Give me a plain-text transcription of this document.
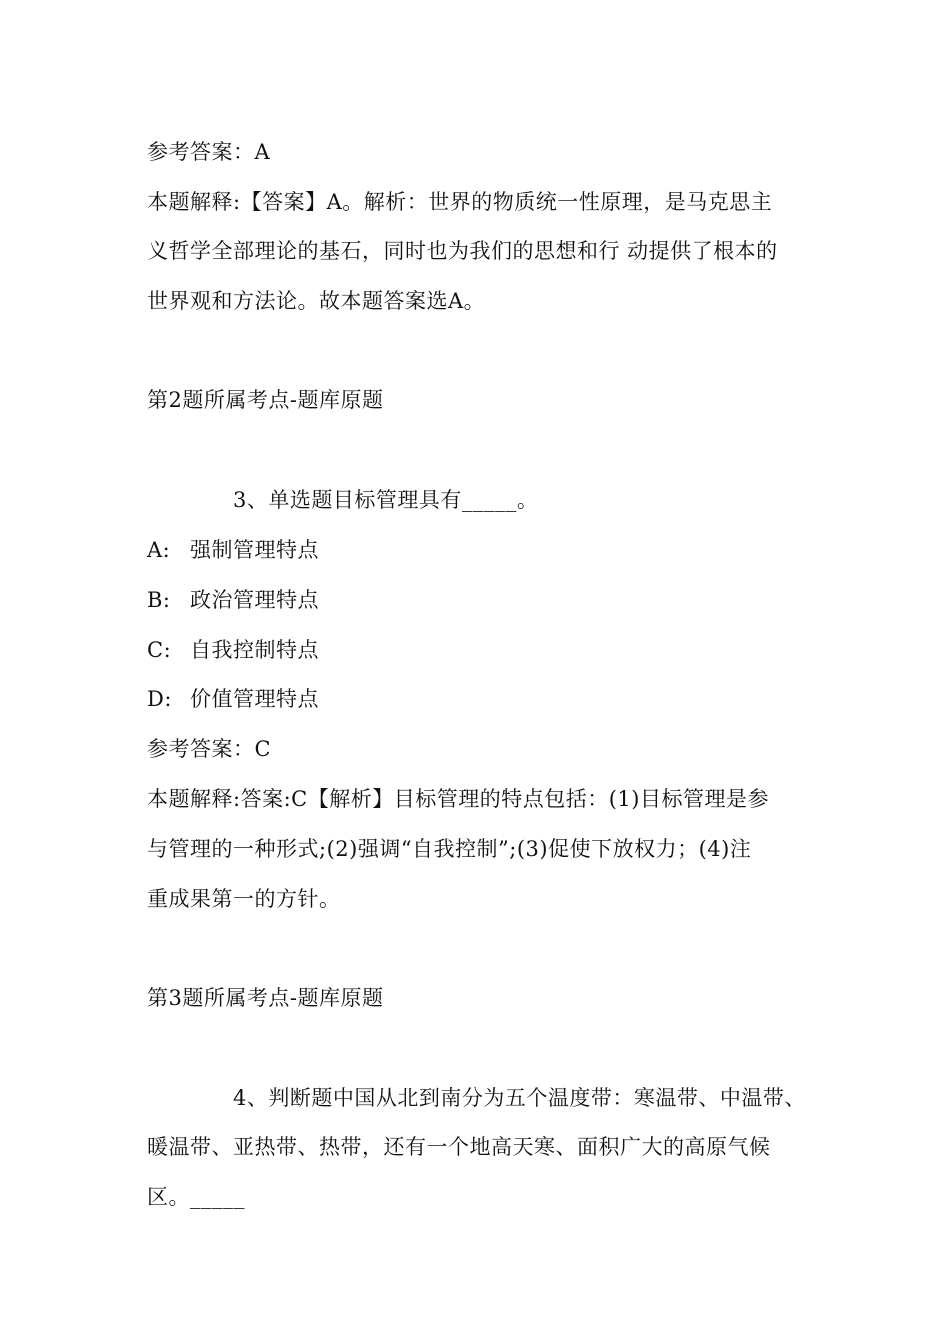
参考答案：A
本题解释:【答案】A。解析：世界的物质统一性原理，是马克思主
义哲学全部理论的基石，同时也为我们的思想和行 动提供了根本的
世界观和方法论。故本题答案选A。
第2题所属考点-题库原题
3、单选题目标管理具有_____。
A: 强制管理特点
B: 政治管理特点
C: 自我控制特点
D: 价值管理特点
参考答案：C
本题解释:答案:C【解析】目标管理的特点包括：(1)目标管理是参
与管理的一种形式;(2)强调“自我控制”;(3)促使下放权力；(4)注
重成果第一的方针。
第3题所属考点-题库原题
4、判断题中国从北到南分为五个温度带：寒温带、中温带、
暖温带、亚热带、热带，还有一个地高天寒、面积广大的高原气候
区。_____
